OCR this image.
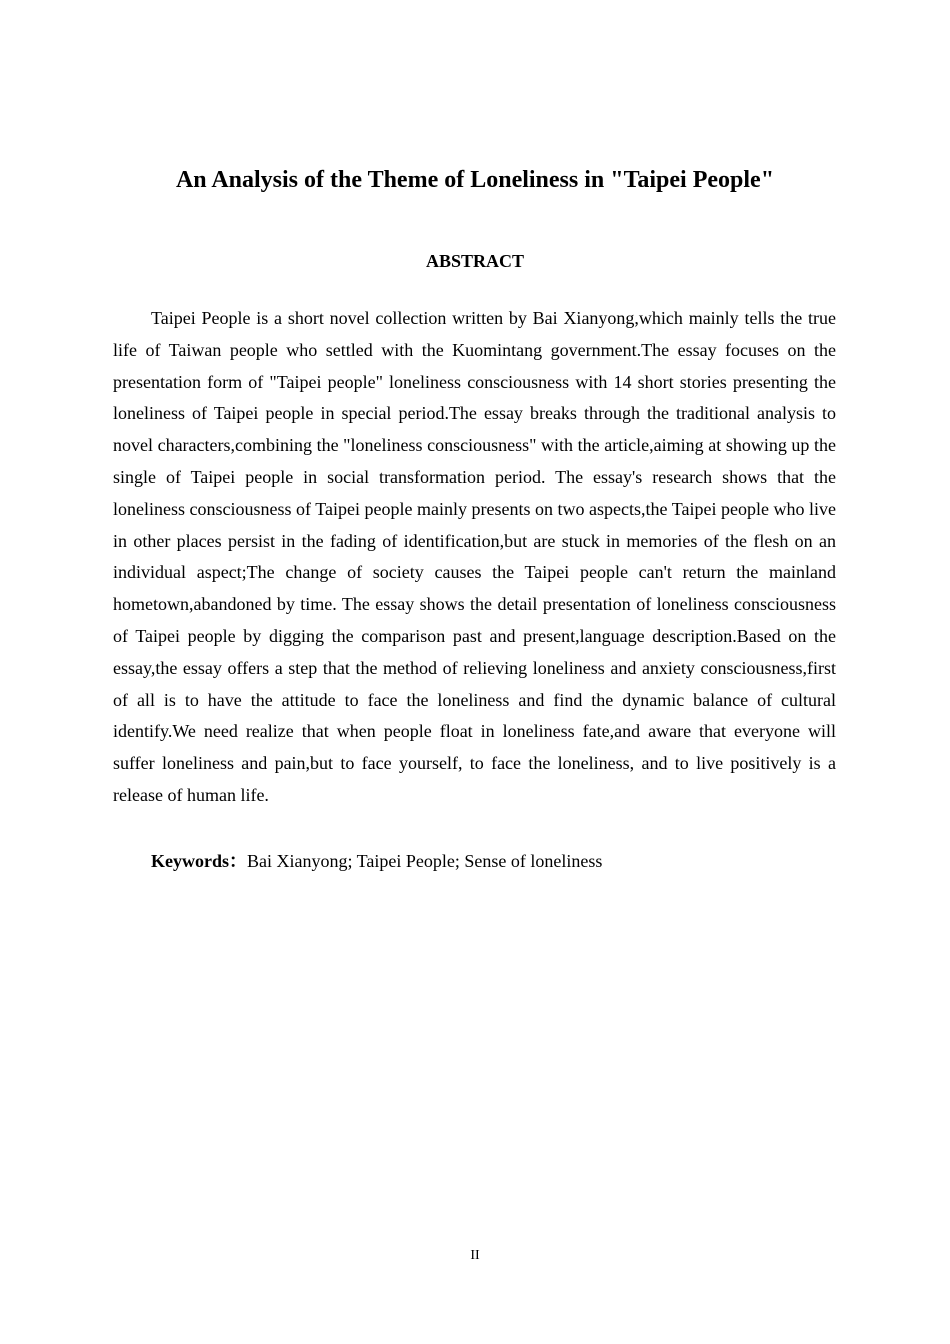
An Analysis of the Theme of Loneliness in "Taipei People"
ABSTRACT

Taipei People is a short novel collection written by Bai Xianyong,which mainly tells the true life of Taiwan people who settled with the Kuomintang government.The essay focuses on the presentation form of "Taipei people" loneliness consciousness with 14 short stories presenting the loneliness of Taipei people in special period.The essay breaks through the traditional analysis to novel characters,combining the "loneliness consciousness" with the article,aiming at showing up the single of Taipei people in social transformation period. The essay's research shows that the loneliness consciousness of Taipei people mainly presents on two aspects,the Taipei people who live in other places persist in the fading of identification,but are stuck in memories of the flesh on an individual aspect;The change of society causes the Taipei people can't return the mainland hometown,abandoned by time. The essay shows the detail presentation of loneliness consciousness of Taipei people by digging the comparison past and present,language description.Based on the essay,the essay offers a step that the method of relieving loneliness and anxiety consciousness,first of all is to have the attitude to face the loneliness and find the dynamic balance of cultural identify.We need realize that when people float in loneliness fate,and aware that everyone will suffer loneliness and pain,but to face yourself, to face the loneliness, and to live positively is a release of human life.

Keywords：Bai Xianyong; Taipei People; Sense of loneliness

II
